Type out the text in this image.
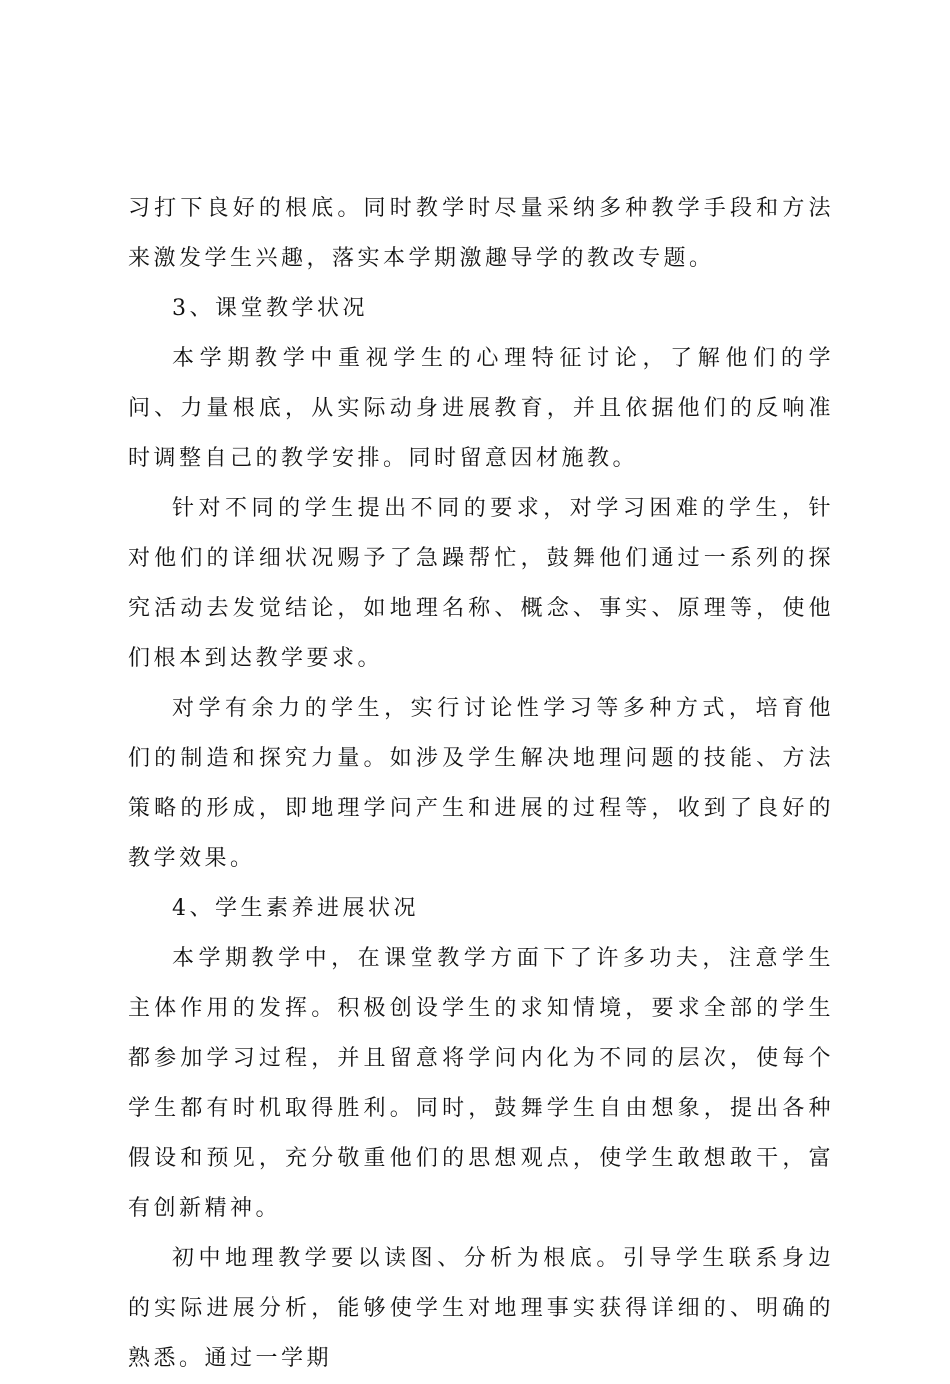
习打下良好的根底。同时教学时尽量采纳多种教学手段和方法来激发学生兴趣，落实本学期激趣导学的教改专题。

3、课堂教学状况

本学期教学中重视学生的心理特征讨论，了解他们的学问、力量根底，从实际动身进展教育，并且依据他们的反响准时调整自己的教学安排。同时留意因材施教。

针对不同的学生提出不同的要求，对学习困难的学生，针对他们的详细状况赐予了急躁帮忙，鼓舞他们通过一系列的探究活动去发觉结论，如地理名称、概念、事实、原理等，使他们根本到达教学要求。

对学有余力的学生，实行讨论性学习等多种方式，培育他们的制造和探究力量。如涉及学生解决地理问题的技能、方法策略的形成，即地理学问产生和进展的过程等，收到了良好的教学效果。

4、学生素养进展状况

本学期教学中，在课堂教学方面下了许多功夫，注意学生主体作用的发挥。积极创设学生的求知情境，要求全部的学生都参加学习过程，并且留意将学问内化为不同的层次，使每个学生都有时机取得胜利。同时，鼓舞学生自由想象，提出各种假设和预见，充分敬重他们的思想观点，使学生敢想敢干，富有创新精神。

初中地理教学要以读图、分析为根底。引导学生联系身边的实际进展分析，能够使学生对地理事实获得详细的、明确的熟悉。通过一学期
